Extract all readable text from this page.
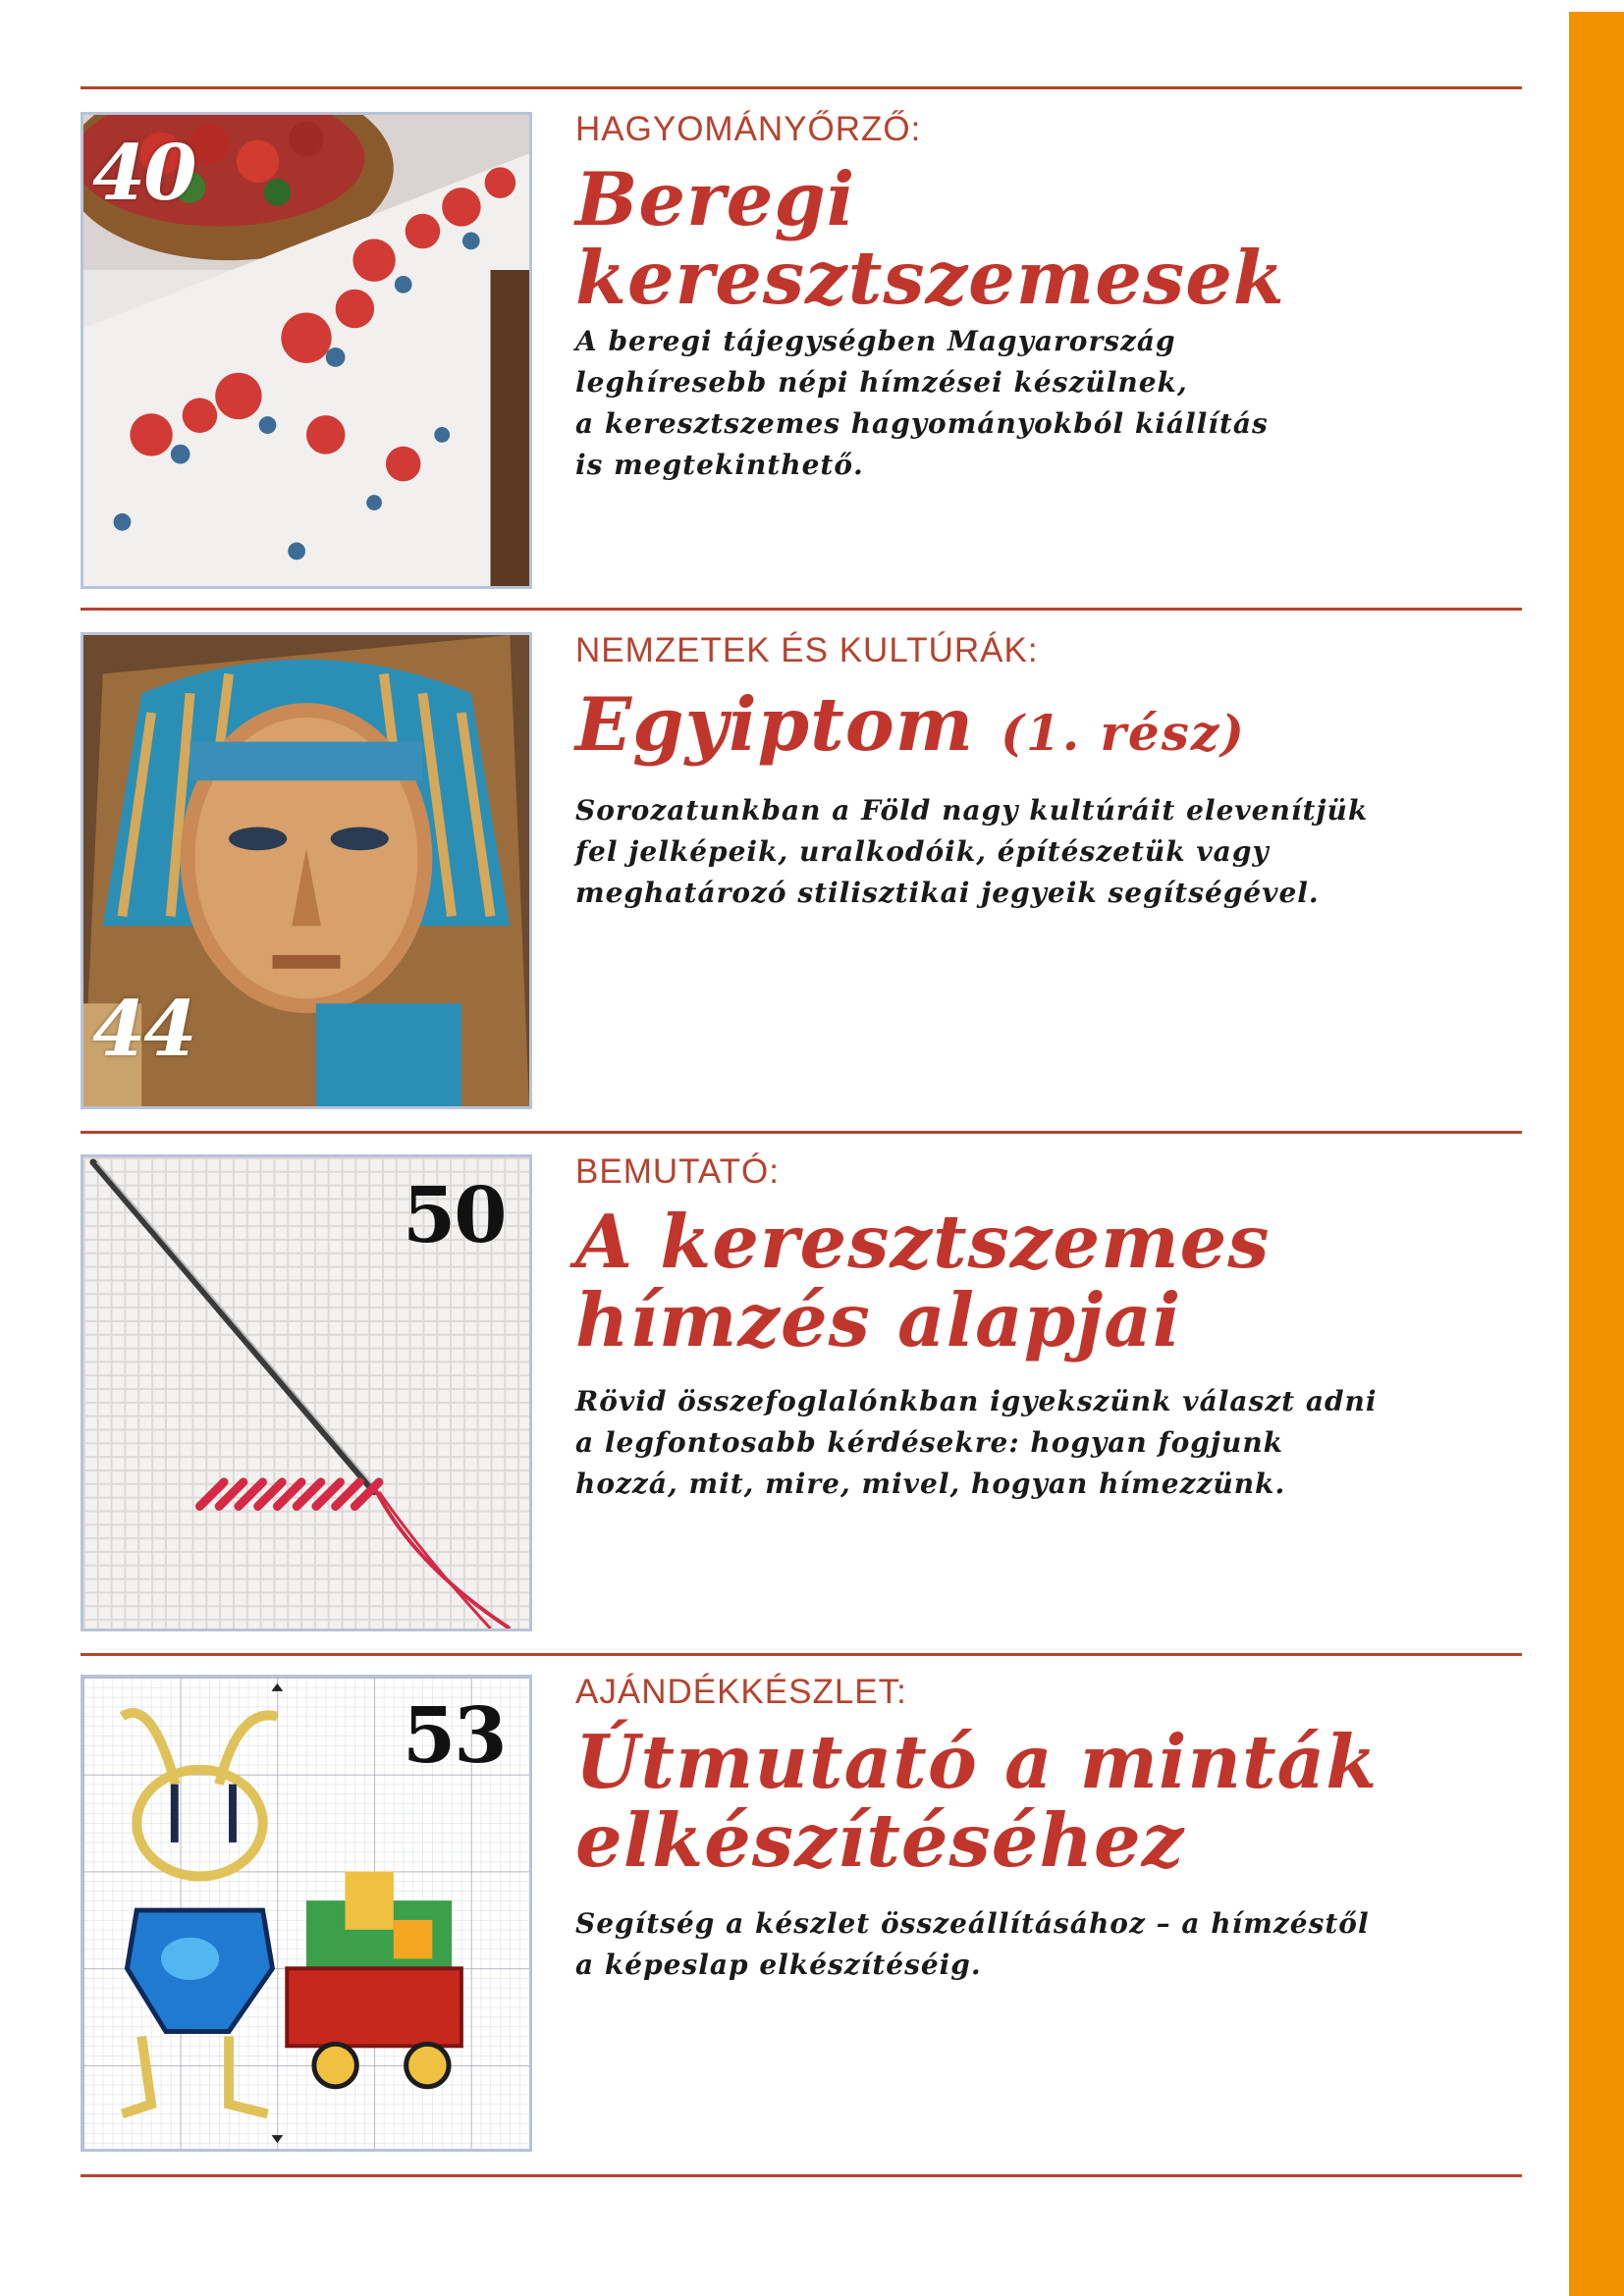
40	HAGYOMÁNYŐRZŐ:

Beregi
keresztszemesek

A beregi tájegységben Magyarország

leghíresebb népi hímzései készülnek,

a keresztszemes hagyományokból kiállítás

is megtekinthető.

44

NEMZETEK ÉS KULTÚRÁK:

Egyiptom (1. rész)

Sorozatunkban a Föld nagy kultúráit elevenítjük

fel jelképeik, uralkodóik, építészetük vagy

meghatározó stilisztikai jegyeik segítségével.

50 BEMUTATÓ:

A keresztszemes
hímzés alapjai

Rövid összefoglalónkban igyekszünk választ adni

a legfontosabb kérdésekre: hogyan fogjunk

hozzá, mit, mire, mivel, hogyan hímezzünk.

53 AJÁNDÉKKÉSZLET:

Útmutató a minták
elkészítéséhez

Segítség a készlet összeállításához – a hímzéstől

a képeslap elkészítéséig.
